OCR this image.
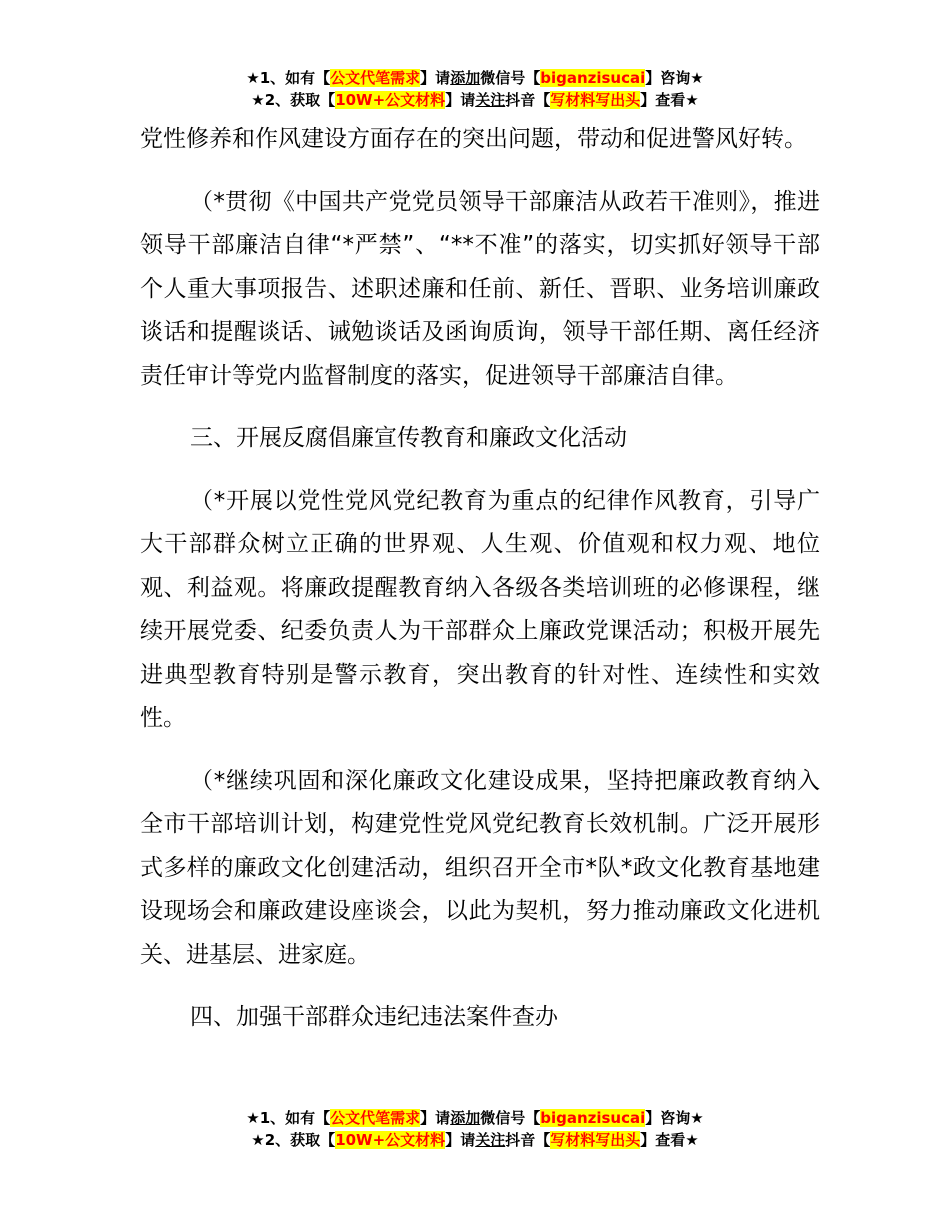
★1、如有【公文代笔需求】请添加微信号【biganzisucai】咨询★
★2、获取【10W+公文材料】请关注抖音【写材料写出头】查看★

党性修养和作风建设方面存在的突出问题，带动和促进警风好转。

（*贯彻《中国共产党党员领导干部廉洁从政若干准则》，推进领导干部廉洁自律“*严禁”、“**不准”的落实，切实抓好领导干部个人重大事项报告、述职述廉和任前、新任、晋职、业务培训廉政谈话和提醒谈话、诫勉谈话及函询质询，领导干部任期、离任经济责任审计等党内监督制度的落实，促进领导干部廉洁自律。

三、开展反腐倡廉宣传教育和廉政文化活动

（*开展以党性党风党纪教育为重点的纪律作风教育，引导广大干部群众树立正确的世界观、人生观、价值观和权力观、地位观、利益观。将廉政提醒教育纳入各级各类培训班的必修课程，继续开展党委、纪委负责人为干部群众上廉政党课活动；积极开展先进典型教育特别是警示教育，突出教育的针对性、连续性和实效性。

（*继续巩固和深化廉政文化建设成果，坚持把廉政教育纳入全市干部培训计划，构建党性党风党纪教育长效机制。广泛开展形式多样的廉政文化创建活动，组织召开全市*队*政文化教育基地建设现场会和廉政建设座谈会，以此为契机，努力推动廉政文化进机关、进基层、进家庭。

四、加强干部群众违纪违法案件查办

★1、如有【公文代笔需求】请添加微信号【biganzisucai】咨询★
★2、获取【10W+公文材料】请关注抖音【写材料写出头】查看★
